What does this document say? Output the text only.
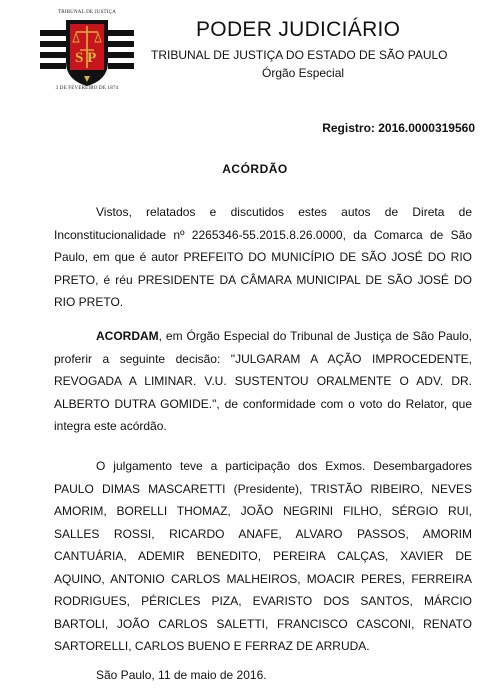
S P
TRIBUNAL DE JUSTIÇA
3 DE FEVEREIRO DE 1874
PODER JUDICIÁRIO
TRIBUNAL DE JUSTIÇA DO ESTADO DE SÃO PAULO
Órgão Especial
Registro: 2016.0000319560
ACÓRDÃO

Vistos, relatados e discutidos estes autos de Direta de Inconstitucionalidade nº 2265346-55.2015.8.26.0000, da Comarca de São Paulo, em que é autor PREFEITO DO MUNICÍPIO DE SÃO JOSÉ DO RIO PRETO, é réu PRESIDENTE DA CÂMARA MUNICIPAL DE SÃO JOSÉ DO RIO PRETO.

ACORDAM, em Órgão Especial do Tribunal de Justiça de São Paulo, proferir a seguinte decisão: "JULGARAM A AÇÃO IMPROCEDENTE, REVOGADA A LIMINAR. V.U. SUSTENTOU ORALMENTE O ADV. DR. ALBERTO DUTRA GOMIDE.", de conformidade com o voto do Relator, que integra este acórdão.

O julgamento teve a participação dos Exmos. Desembargadores PAULO DIMAS MASCARETTI (Presidente), TRISTÃO RIBEIRO, NEVES AMORIM, BORELLI THOMAZ, JOÃO NEGRINI FILHO, SÉRGIO RUI, SALLES ROSSI, RICARDO ANAFE, ALVARO PASSOS, AMORIM CANTUÁRIA, ADEMIR BENEDITO, PEREIRA CALÇAS, XAVIER DE AQUINO, ANTONIO CARLOS MALHEIROS, MOACIR PERES, FERREIRA RODRIGUES, PÉRICLES PIZA, EVARISTO DOS SANTOS, MÁRCIO BARTOLI, JOÃO CARLOS SALETTI, FRANCISCO CASCONI, RENATO SARTORELLI, CARLOS BUENO E FERRAZ DE ARRUDA.

São Paulo, 11 de maio de 2016.
